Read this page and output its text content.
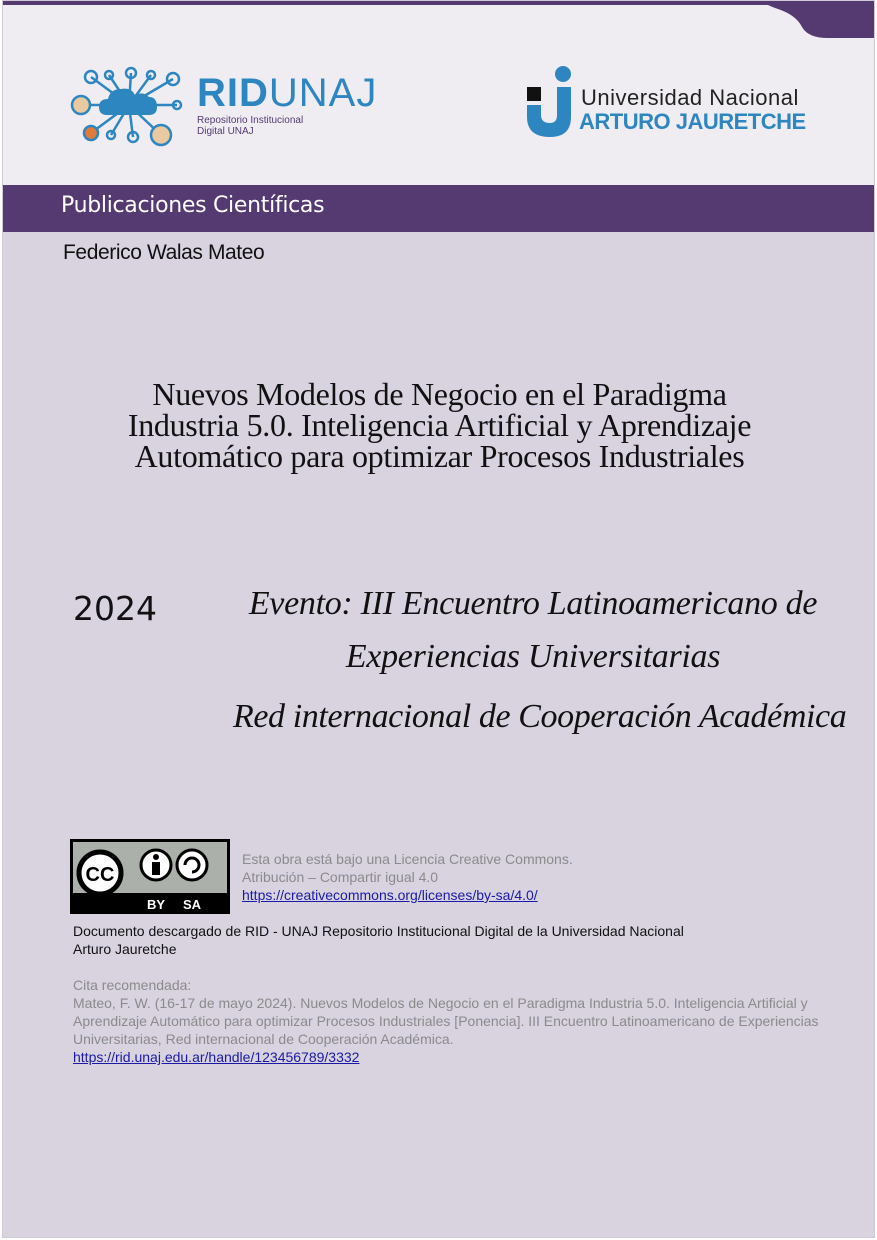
RIDUNAJ
Repositorio Institucional
Digital UNAJ
Universidad Nacional
ARTURO JAURETCHE
Publicaciones Científicas
Federico Walas Mateo
Nuevos Modelos de Negocio en el Paradigma
Industria 5.0. Inteligencia Artificial y Aprendizaje
Automático para optimizar Procesos Industriales
2024	Evento: III Encuentro Latinoamericano de
Experiencias Universitarias
Red internacional de Cooperación Académica
CC
BY SA
Esta obra está bajo una Licencia Creative Commons.
Atribución – Compartir igual 4.0
https://creativecommons.org/licenses/by-sa/4.0/
Documento descargado de RID - UNAJ Repositorio Institucional Digital de la Universidad Nacional Arturo Jauretche
Cita recomendada:
Mateo, F. W. (16-17 de mayo 2024). Nuevos Modelos de Negocio en el Paradigma Industria 5.0. Inteligencia Artificial y Aprendizaje Automático para optimizar Procesos Industriales [Ponencia]. III Encuentro Latinoamericano de Experiencias Universitarias, Red internacional de Cooperación Académica.
https://rid.unaj.edu.ar/handle/123456789/3332
